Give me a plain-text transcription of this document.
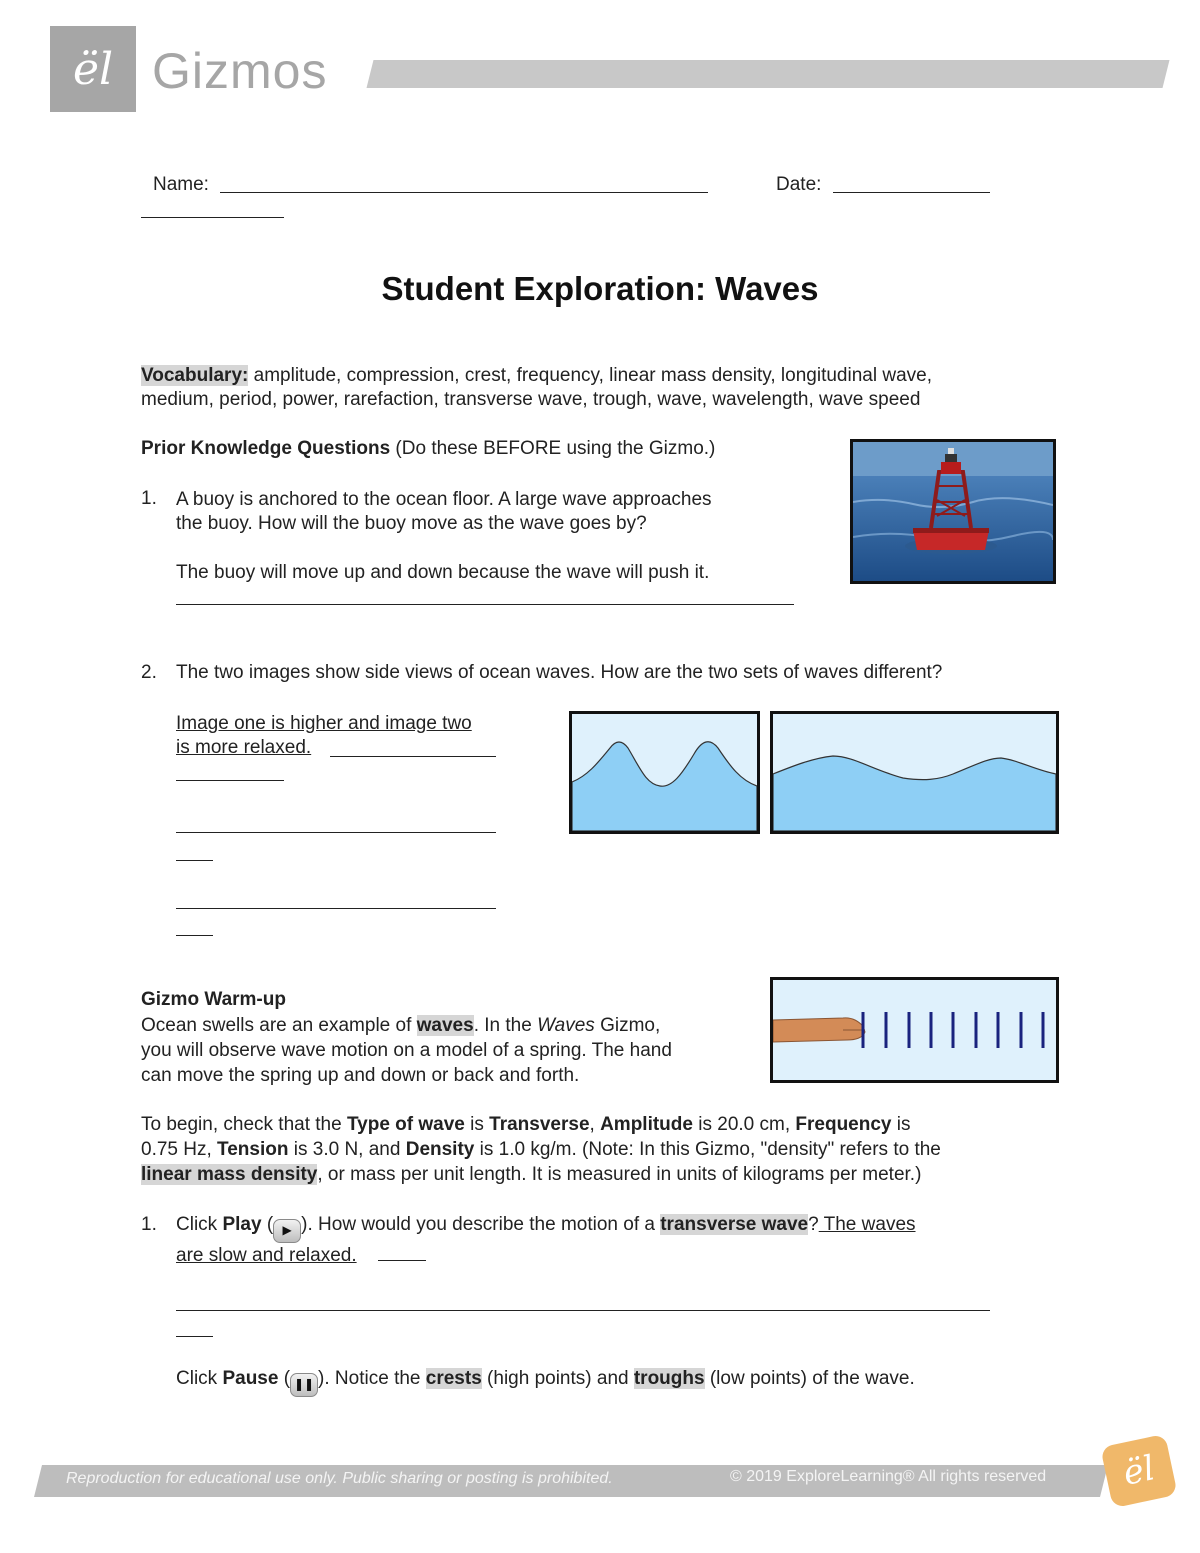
ël Gizmos
Name:	Date:
Student Exploration: Waves
Vocabulary: amplitude, compression, crest, frequency, linear mass density, longitudinal wave,
medium, period, power, rarefaction, transverse wave, trough, wave, wavelength, wave speed
Prior Knowledge Questions (Do these BEFORE using the Gizmo.)
1. A buoy is anchored to the ocean floor. A large wave approaches
the buoy. How will the buoy move as the wave goes by?
The buoy will move up and down because the wave will push it.
2. The two images show side views of ocean waves. How are the two sets of waves different?
Image one is higher and image two
is more relaxed.
Gizmo Warm-up
Ocean swells are an example of waves. In the Waves Gizmo,
you will observe wave motion on a model of a spring. The hand
can move the spring up and down or back and forth.
To begin, check that the Type of wave is Transverse, Amplitude is 20.0 cm, Frequency is
0.75 Hz, Tension is 3.0 N, and Density is 1.0 kg/m. (Note: In this Gizmo, "density" refers to the
linear mass density, or mass per unit length. It is measured in units of kilograms per meter.)
1. Click Play ( ▶ ). How would you describe the motion of a transverse wave? The waves
are slow and relaxed.
Click Pause ( ❚❚ ). Notice the crests (high points) and troughs (low points) of the wave.
Reproduction for educational use only. Public sharing or posting is prohibited.	© 2019 ExploreLearning® All rights reserved	ël
